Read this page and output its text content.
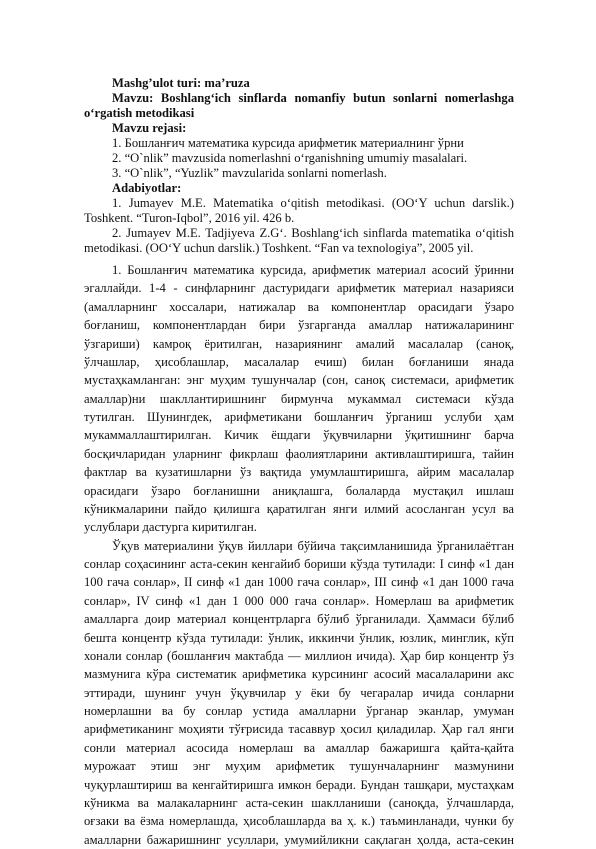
Mashg’ulot turi: ma’ruza
Mavzu: Boshlang‘ich sinflarda nomanfiy butun sonlarni nomerlashga
o‘rgatish metodikasi
Mavzu rejasi:
1. Бошланғич математика курсида арифметик материалнинг ўрни
2. “O`nlik” mavzusida nomerlashni o‘rganishning umumiy masalalari.
3. “O`nlik”, “Yuzlik” mavzularida sonlarni nomerlash.
Adabiyotlar:
1. Jumayev M.E. Matematika o‘qitish metodikasi. (OO‘Y uchun darslik.)
Toshkent. “Turon-Iqbol”, 2016 yil. 426 b.
2. Jumayev M.E. Tadjiyeva Z.G‘. Boshlang‘ich sinflarda matematika o‘qitish
metodikasi. (OO‘Y uchun darslik.) Toshkent. “Fan va texnologiya”, 2005 yil.
1. Бошланғич математика курсида, арифметик материал асосий ўринни
эгаллайди. 1-4 - синфларнинг дастуридаги арифметик материал назарияси
(амалларнинг хоссалари, натижалар ва компонентлар орасидаги ўзаро
боғланиш, компонентлардан бири ўзгарганда амаллар натижаларининг
ўзгариши) камроқ ёритилган, назариянинг амалий масалалар (саноқ,
ўлчашлар, ҳисоблашлар, масалалар ечиш) билан боғланиши янада
мустаҳкамланган: энг муҳим тушунчалар (сон, саноқ системаси, арифметик
амаллар)ни шакллантиришнинг бирмунча мукаммал системаси кўзда
тутилган. Шунингдек, арифметикани бошланғич ўрганиш услуби ҳам
мукаммаллаштирилган. Кичик ёшдаги ўқувчиларни ўқитишнинг барча
босқичларидан уларнинг фикрлаш фаолиятларини активлаштиришга, тайин
фактлар ва кузатишларни ўз вақтида умумлаштиришга, айрим масалалар
орасидаги ўзаро боғланишни аниқлашга, болаларда мустақил ишлаш
кўникмаларини пайдо қилишга қаратилган янги илмий асосланган усул ва
услублари дастурга киритилган.
Ўқув материалини ўқув йиллари бўйича тақсимланишида ўрганилаётган
сонлар соҳасининг аста-секин кенгайиб бориши кўзда тутилади: I синф «1 дан
100 гача сонлар», II синф «1 дан 1000 гача сонлар», III синф «1 дан 1000 гача
сонлар», IV синф «1 дан 1 000 000 гача сонлар». Номерлаш ва арифметик
амалларга доир материал концентрларга бўлиб ўрганилади. Ҳаммаси бўлиб
бешта концентр кўзда тутилади: ўнлик, иккинчи ўнлик, юзлик, минглик, кўп
хонали сонлар (бошланғич мактабда — миллион ичида). Ҳар бир концентр ўз
мазмунига кўра систематик арифметика курсининг асосий масалаларини акс
эттиради, шунинг учун ўқувчилар у ёки бу чегаралар ичида сонларни
номерлашни ва бу сонлар устида амалларни ўрганар эканлар, умуман
арифметиканинг моҳияти тўғрисида тасаввур ҳосил қиладилар. Ҳар гал янги
сонли материал асосида номерлаш ва амаллар бажаришга қайта-қайта
мурожаат этиш энг муҳим арифметик тушунчаларнинг мазмунини
чуқурлаштириш ва кенгайтиришга имкон беради. Бундан ташқари, мустаҳкам
кўникма ва малакаларнинг аста-секин шаклланиши (саноқда, ўлчашларда,
оғзаки ва ёзма номерлашда, ҳисоблашларда ва ҳ. к.) таъминланади, чунки бу
амалларни бажаришнинг усуллари, умумийликни сақлаган ҳолда, аста-секин
